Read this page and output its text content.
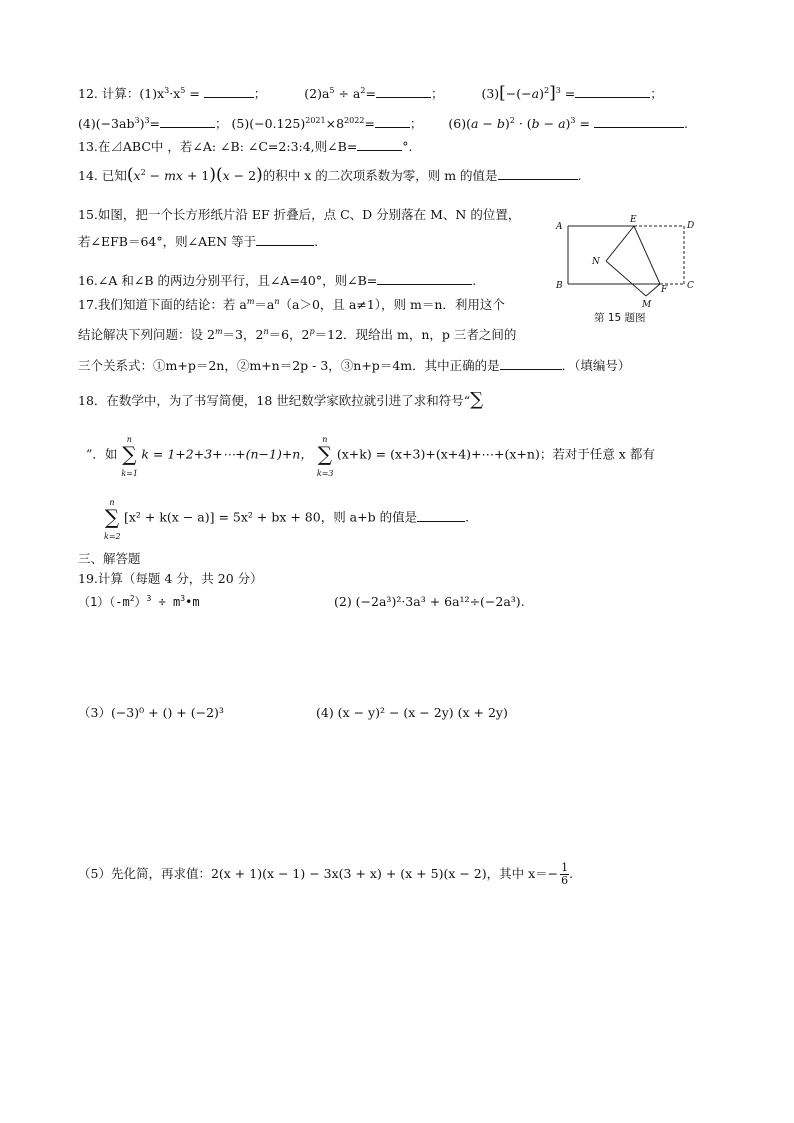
12. 计算：$(1)x^3\cdot x^5$ =	；	$(2)a^5 \div a^2=$	；	$(3)[-(-a)^2]^3$ =	；
$(4)(-3ab^3)^3=$	； $(5)(-0.125)^{2021}\times 8^{2022}=$	；  $(6)(a - b)^2 \cdot (b - a)^3$ =	.
13.在⊿ABC中 ，若∠A: ∠B: ∠C=2:3:4,则∠B=	°.
14. 已知($x^2$ − mx + 1)(x − 2)的积中 x 的二次项系数为零，则 m 的值是	.
15.如图，把一个长方形纸片沿 EF 折叠后，点 C、D 分别落在 M、N 的位置，
若∠EFB＝64°，则∠AEN 等于	.
A
E
D
N
B	F C
M
第 15 题图
16.∠A 和∠B 的两边分别平行，且∠A=40°，则∠B=	.
17.我们知道下面的结论：若 $a^m=a^n(a>0$，且 a≠1），则 m＝n．利用这个
结论解决下列问题：设 $2^m=3$，$2^n=6$，$2^p=12$．现给出 m，n，p 三者之间的
三个关系式：①m+p＝2n，②m+n＝2p - 3，③n+p＝4m．其中正确的是	．（填编号）
18．在数学中，为了书写简便，18 世纪数学家欧拉就引进了求和符号“∑
”．如
n
∑
k=1
k = 1+2+3+⋯+(n−1)+n，
n
∑
k=3
(x+k) = (x+3)+(x+4)+⋯+(x+n)；若对于任意 x 都有
n
∑
k=2
[x² + k(x − a)] = 5x² + bx + 80，则 a+b 的值是	.
三、解答题
19.计算（每题 4 分，共 20 分）
$(1)(-m^2)^3$ ÷ $m^3•m$	(2) (−2a³)²·3a³ + 6a¹²÷(−2a³).
（3）(−3)⁰ + () + (−2)³	(4) (x − y)² − (x − 2y) (x + 2y)
（5）先化简，再求值：2(x + 1)(x − 1) − 3x(3 + x) + (x + 5)(x − 2)，其中 $x=- \frac{1}{6}$ .
